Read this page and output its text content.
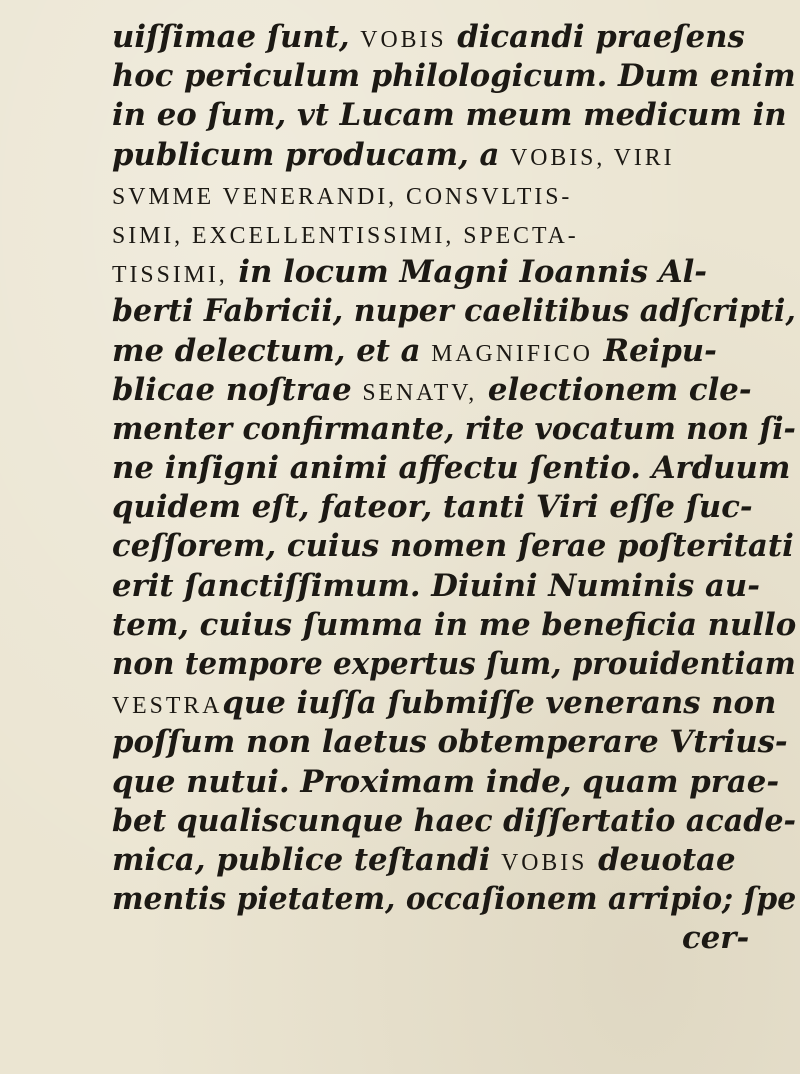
uiſſimae ſunt, VOBIS dicandi praeſens
hoc periculum philologicum. Dum enim
in eo ſum, vt Lucam meum medicum in
publicum producam, a VOBIS, VIRI
SVMME VENERANDI, CONSVLTIS-
SIMI, EXCELLENTISSIMI, SPECTA-
TISSIMI, in locum Magni Ioannis Al-
berti Fabricii, nuper caelitibus adſcripti,
me delectum, et a MAGNIFICO Reipu-
blicae noſtrae SENATV, electionem cle-
menter confirmante, rite vocatum non ſi-
ne inſigni animi affectu ſentio. Arduum
quidem eſt, fateor, tanti Viri eſſe ſuc-
ceſſorem, cuius nomen ſerae poſteritati
erit ſanctiſſimum. Diuini Numinis au-
tem, cuius ſumma in me beneficia nullo
non tempore expertus ſum, prouidentiam
VESTRAque iuſſa ſubmiſſe venerans non
poſſum non laetus obtemperare Vtrius-
que nutui. Proximam inde, quam prae-
bet qualiscunque haec diſſertatio acade-
mica, publice teſtandi VOBIS deuotae
mentis pietatem, occaſionem arripio; ſpe
cer-
